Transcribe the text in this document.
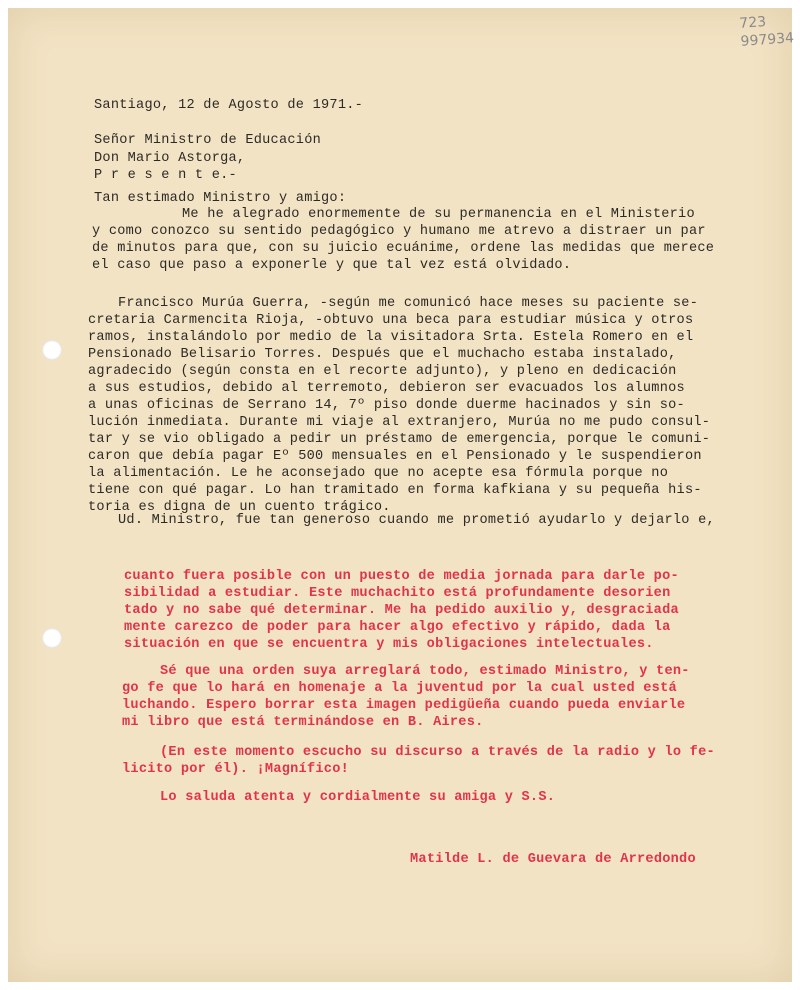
723
997934
Santiago, 12 de Agosto de 1971.-
Señor Ministro de Educación
Don Mario Astorga,
P r e s e n t e.-
Tan estimado Ministro y amigo:
Me he alegrado enormemente de su permanencia en el Ministerio
y como conozco su sentido pedagógico y humano me atrevo a distraer un par
de minutos para que, con su juicio ecuánime, ordene las medidas que merece
el caso que paso a exponerle y que tal vez está olvidado.
Francisco Murúa Guerra, -según me comunicó hace meses su paciente se-
cretaria Carmencita Rioja, -obtuvo una beca para estudiar música y otros
ramos, instalándolo por medio de la visitadora Srta. Estela Romero en el
Pensionado Belisario Torres. Después que el muchacho estaba instalado,
agradecido (según consta en el recorte adjunto), y pleno en dedicación
a sus estudios, debido al terremoto, debieron ser evacuados los alumnos
a unas oficinas de Serrano 14, 7º piso donde duerme hacinados y sin so-
lución inmediata. Durante mi viaje al extranjero, Murúa no me pudo consul-
tar y se vio obligado a pedir un préstamo de emergencia, porque le comuni-
caron que debía pagar Eº 500 mensuales en el Pensionado y le suspendieron
la alimentación. Le he aconsejado que no acepte esa fórmula porque no
tiene con qué pagar. Lo han tramitado en forma kafkiana y su pequeña his-
toria es digna de un cuento trágico.
Ud. Ministro, fue tan generoso cuando me prometió ayudarlo y dejarlo e,
cuanto fuera posible con un puesto de media jornada para darle po-
sibilidad a estudiar. Este muchachito está profundamente desorien
tado y no sabe qué determinar. Me ha pedido auxilio y, desgraciada
mente carezco de poder para hacer algo efectivo y rápido, dada la
situación en que se encuentra y mis obligaciones intelectuales.
Sé que una orden suya arreglará todo, estimado Ministro, y ten-
go fe que lo hará en homenaje a la juventud por la cual usted está
luchando. Espero borrar esta imagen pedigüeña cuando pueda enviarle
mi libro que está terminándose en B. Aires.
(En este momento escucho su discurso a través de la radio y lo fe-
licito por él). ¡Magnífico!
Lo saluda atenta y cordialmente su amiga y S.S.
Matilde L. de Guevara de Arredondo
